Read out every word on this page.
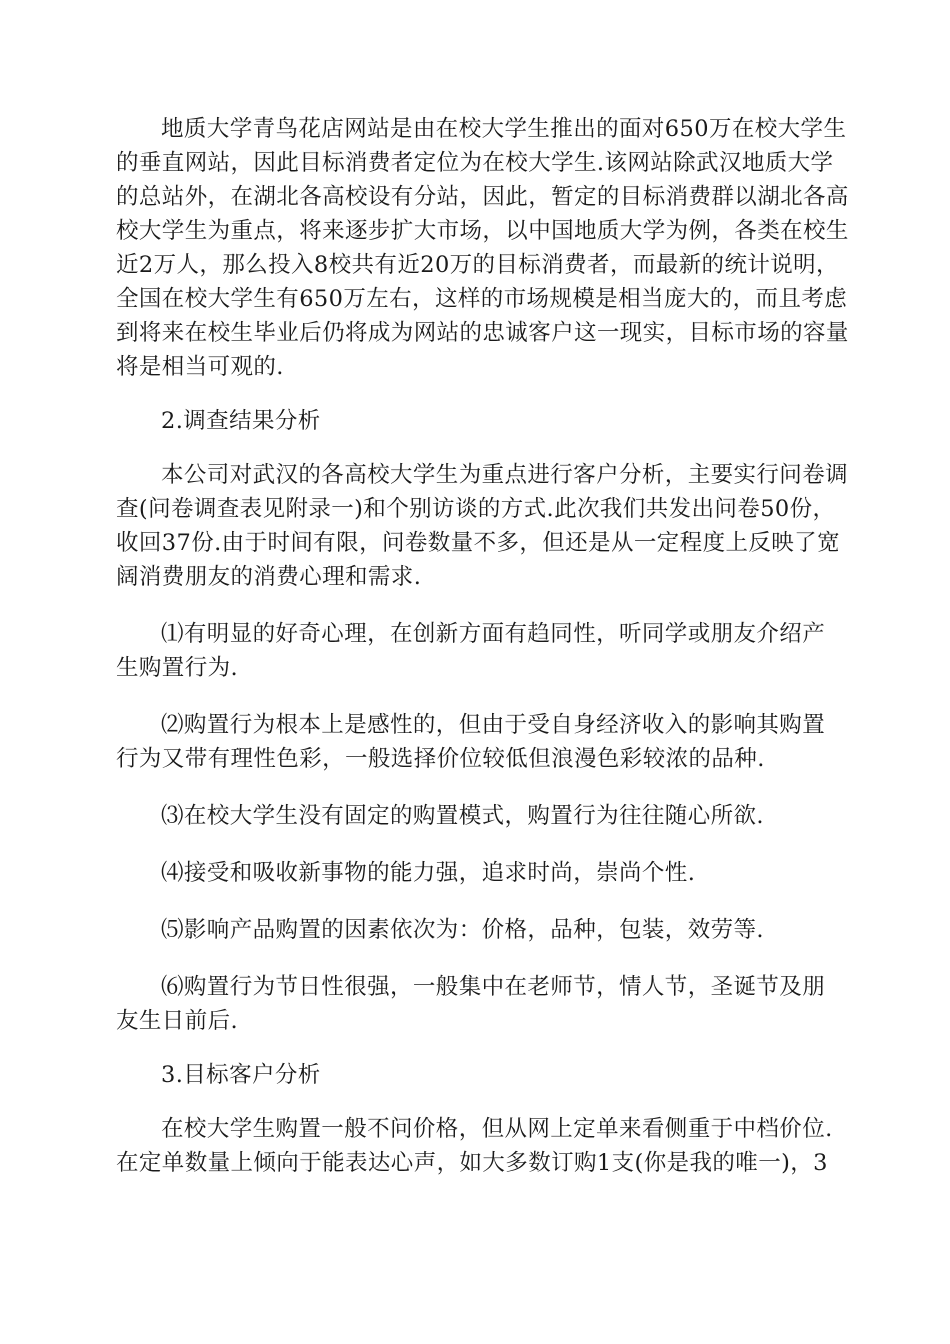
地质大学青鸟花店网站是由在校大学生推出的面对650万在校大学生
的垂直网站，因此目标消费者定位为在校大学生.该网站除武汉地质大学
的总站外，在湖北各高校设有分站，因此，暂定的目标消费群以湖北各高
校大学生为重点，将来逐步扩大市场，以中国地质大学为例，各类在校生
近2万人，那么投入8校共有近20万的目标消费者，而最新的统计说明，
全国在校大学生有650万左右，这样的市场规模是相当庞大的，而且考虑
到将来在校生毕业后仍将成为网站的忠诚客户这一现实，目标市场的容量
将是相当可观的.

2.调查结果分析

本公司对武汉的各高校大学生为重点进行客户分析，主要实行问卷调
查(问卷调查表见附录一)和个别访谈的方式.此次我们共发出问卷50份，
收回37份.由于时间有限，问卷数量不多，但还是从一定程度上反映了宽
阔消费朋友的消费心理和需求.

⑴有明显的好奇心理，在创新方面有趋同性，听同学或朋友介绍产
生购置行为.

⑵购置行为根本上是感性的，但由于受自身经济收入的影响其购置
行为又带有理性色彩，一般选择价位较低但浪漫色彩较浓的品种.

⑶在校大学生没有固定的购置模式，购置行为往往随心所欲.

⑷接受和吸收新事物的能力强，追求时尚，崇尚个性.

⑸影响产品购置的因素依次为：价格，品种，包装，效劳等.

⑹购置行为节日性很强，一般集中在老师节，情人节，圣诞节及朋
友生日前后.

3.目标客户分析

在校大学生购置一般不问价格，但从网上定单来看侧重于中档价位.
在定单数量上倾向于能表达心声，如大多数订购1支(你是我的唯一)，3
